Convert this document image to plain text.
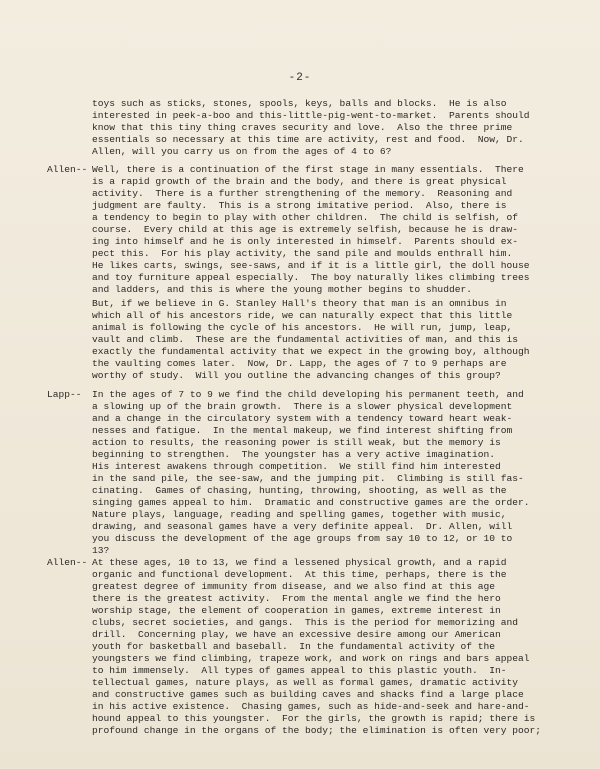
-2-
toys such as sticks, stones, spools, keys, balls and blocks.  He is also
interested in peek-a-boo and this-little-pig-went-to-market.  Parents should
know that this tiny thing craves security and love.  Also the three prime
essentials so necessary at this time are activity, rest and food.  Now, Dr.
Allen, will you carry us on from the ages of 4 to 6?
Allen-- Well, there is a continuation of the first stage in many essentials.  There
is a rapid growth of the brain and the body, and there is great physical
activity.  There is a further strengthening of the memory.  Reasoning and
judgment are faulty.  This is a strong imitative period.  Also, there is
a tendency to begin to play with other children.  The child is selfish, of
course.  Every child at this age is extremely selfish, because he is draw-
ing into himself and he is only interested in himself.  Parents should ex-
pect this.  For his play activity, the sand pile and moulds enthrall him.
He likes carts, swings, see-saws, and if it is a little girl, the doll house
and toy furniture appeal especially.  The boy naturally likes climbing trees
and ladders, and this is where the young mother begins to shudder.
But, if we believe in G. Stanley Hall's theory that man is an omnibus in
which all of his ancestors ride, we can naturally expect that this little
animal is following the cycle of his ancestors.  He will run, jump, leap,
vault and climb.  These are the fundamental activities of man, and this is
exactly the fundamental activity that we expect in the growing boy, although
the vaulting comes later.  Now, Dr. Lapp, the ages of 7 to 9 perhaps are
worthy of study.  Will you outline the advancing changes of this group?
Lapp-- In the ages of 7 to 9 we find the child developing his permanent teeth, and
a slowing up of the brain growth.  There is a slower physical development
and a change in the circulatory system with a tendency toward heart weak-
nesses and fatigue.  In the mental makeup, we find interest shifting from
action to results, the reasoning power is still weak, but the memory is
beginning to strengthen.  The youngster has a very active imagination.
His interest awakens through competition.  We still find him interested
in the sand pile, the see-saw, and the jumping pit.  Climbing is still fas-
cinating.  Games of chasing, hunting, throwing, shooting, as well as the
singing games appeal to him.  Dramatic and constructive games are the order.
Nature plays, language, reading and spelling games, together with music,
drawing, and seasonal games have a very definite appeal.  Dr. Allen, will
you discuss the development of the age groups from say 10 to 12, or 10 to
13?
Allen-- At these ages, 10 to 13, we find a lessened physical growth, and a rapid
organic and functional development.  At this time, perhaps, there is the
greatest degree of immunity from disease, and we also find at this age
there is the greatest activity.  From the mental angle we find the hero
worship stage, the element of cooperation in games, extreme interest in
clubs, secret societies, and gangs.  This is the period for memorizing and
drill.  Concerning play, we have an excessive desire among our American
youth for basketball and baseball.  In the fundamental activity of the
youngsters we find climbing, trapeze work, and work on rings and bars appeal
to him immensely.  All types of games appeal to this plastic youth.  In-
tellectual games, nature plays, as well as formal games, dramatic activity
and constructive games such as building caves and shacks find a large place
in his active existence.  Chasing games, such as hide-and-seek and hare-and-
hound appeal to this youngster.  For the girls, the growth is rapid; there is
profound change in the organs of the body; the elimination is often very poor;
